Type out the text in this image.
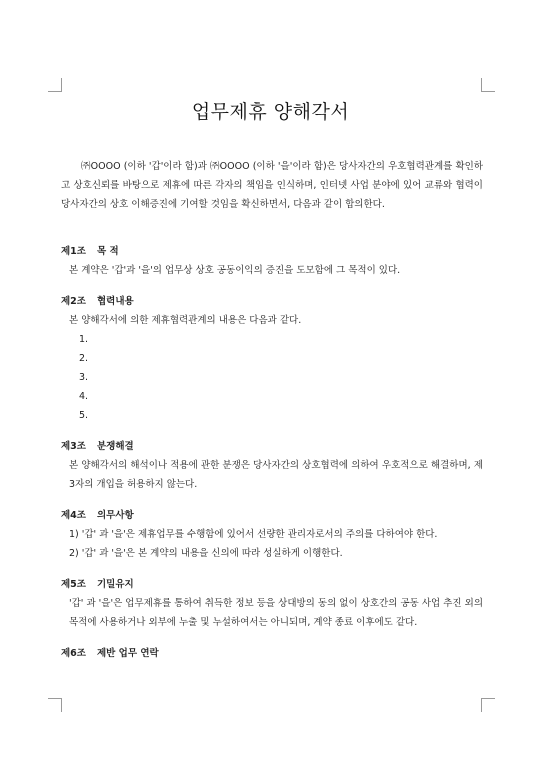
업무제휴 양해각서

㈜OOOO (이하 '갑'이라 함)과 ㈜OOOO (이하 '을'이라 함)은 당사자간의 우호협력관계를 확인하고 상호신뢰를 바탕으로 제휴에 따른 각자의 책임을 인식하며, 인터넷 사업 분야에 있어 교류와 협력이 당사자간의 상호 이해증진에 기여할 것임을 확신하면서, 다음과 같이 합의한다.

제1조 목 적

본 계약은 '갑'과 '을'의 업무상 상호 공동이익의 증진을 도모함에 그 목적이 있다.

제2조 협력내용

본 양해각서에 의한 제휴협력관계의 내용은 다음과 같다.

1.
2.
3.
4.
5.

제3조 분쟁해결

본 양해각서의 해석이나 적용에 관한 분쟁은 당사자간의 상호협력에 의하여 우호적으로 해결하며, 제3자의 개입을 허용하지 않는다.

제4조 의무사항

1) '갑' 과 '을'은 제휴업무를 수행함에 있어서 선량한 관리자로서의 주의를 다하여야 한다.
2) '갑' 과 '을'은 본 계약의 내용을 신의에 따라 성실하게 이행한다.

제5조 기밀유지

'갑' 과 '을'은 업무제휴를 통하여 취득한 정보 등을 상대방의 동의 없이 상호간의 공동 사업 추진 외의 목적에 사용하거나 외부에 누출 및 누설하여서는 아니되며, 계약 종료 이후에도 같다.

제6조 제반 업무 연락
